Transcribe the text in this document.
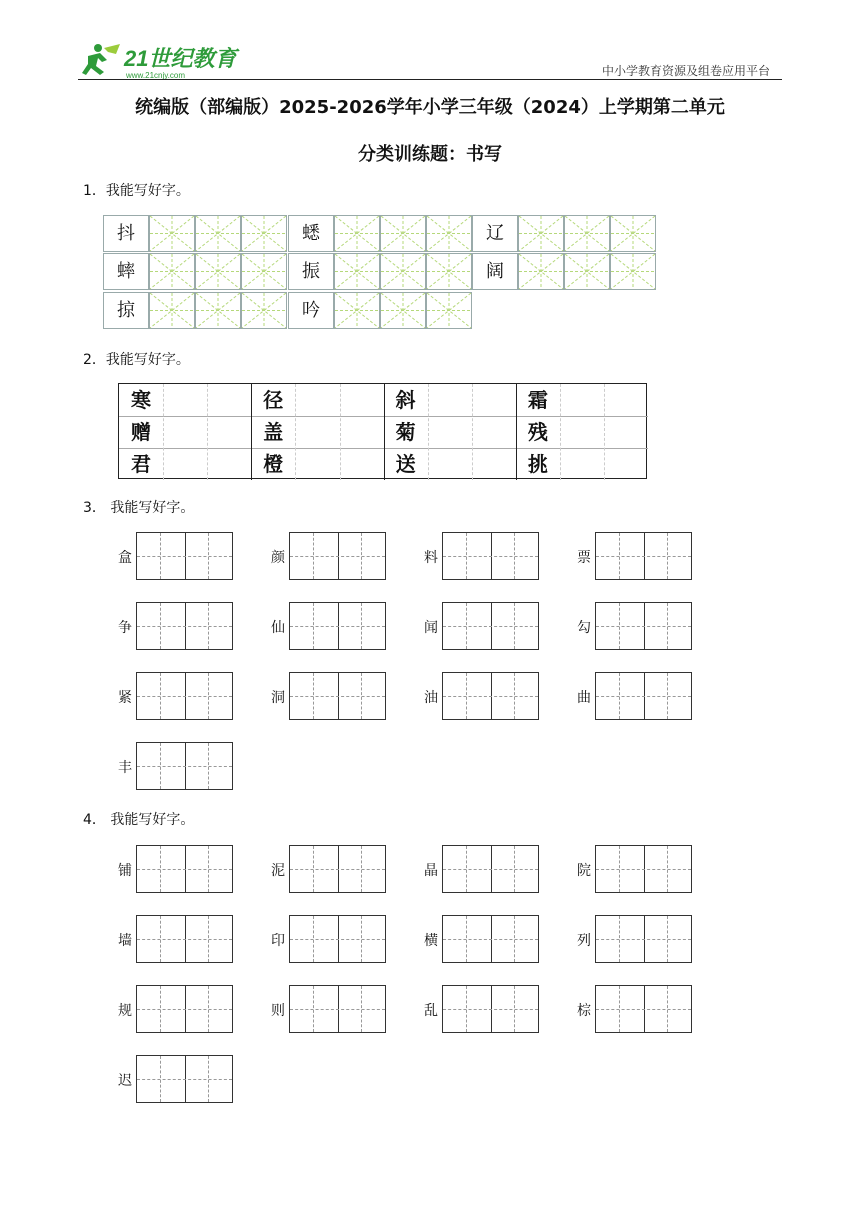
21世纪教育
www.21cnjy.com	中小学教育资源及组卷应用平台
统编版（部编版）2025-2026学年小学三年级（2024）上学期第二单元
分类训练题：书写
1．我能写好字。
抖	蟋	辽
蟀	振	阔
掠	吟
2．我能写好字。
寒	径	斜	霜
赠	盖	菊	残
君	橙	送	挑
3． 我能写好字。
盒	颜	料	票
争	仙	闻	勾
紧	洞	油	曲
丰
4． 我能写好字。
铺	泥	晶	院
墙	印	横	列
规	则	乱	棕
迟
